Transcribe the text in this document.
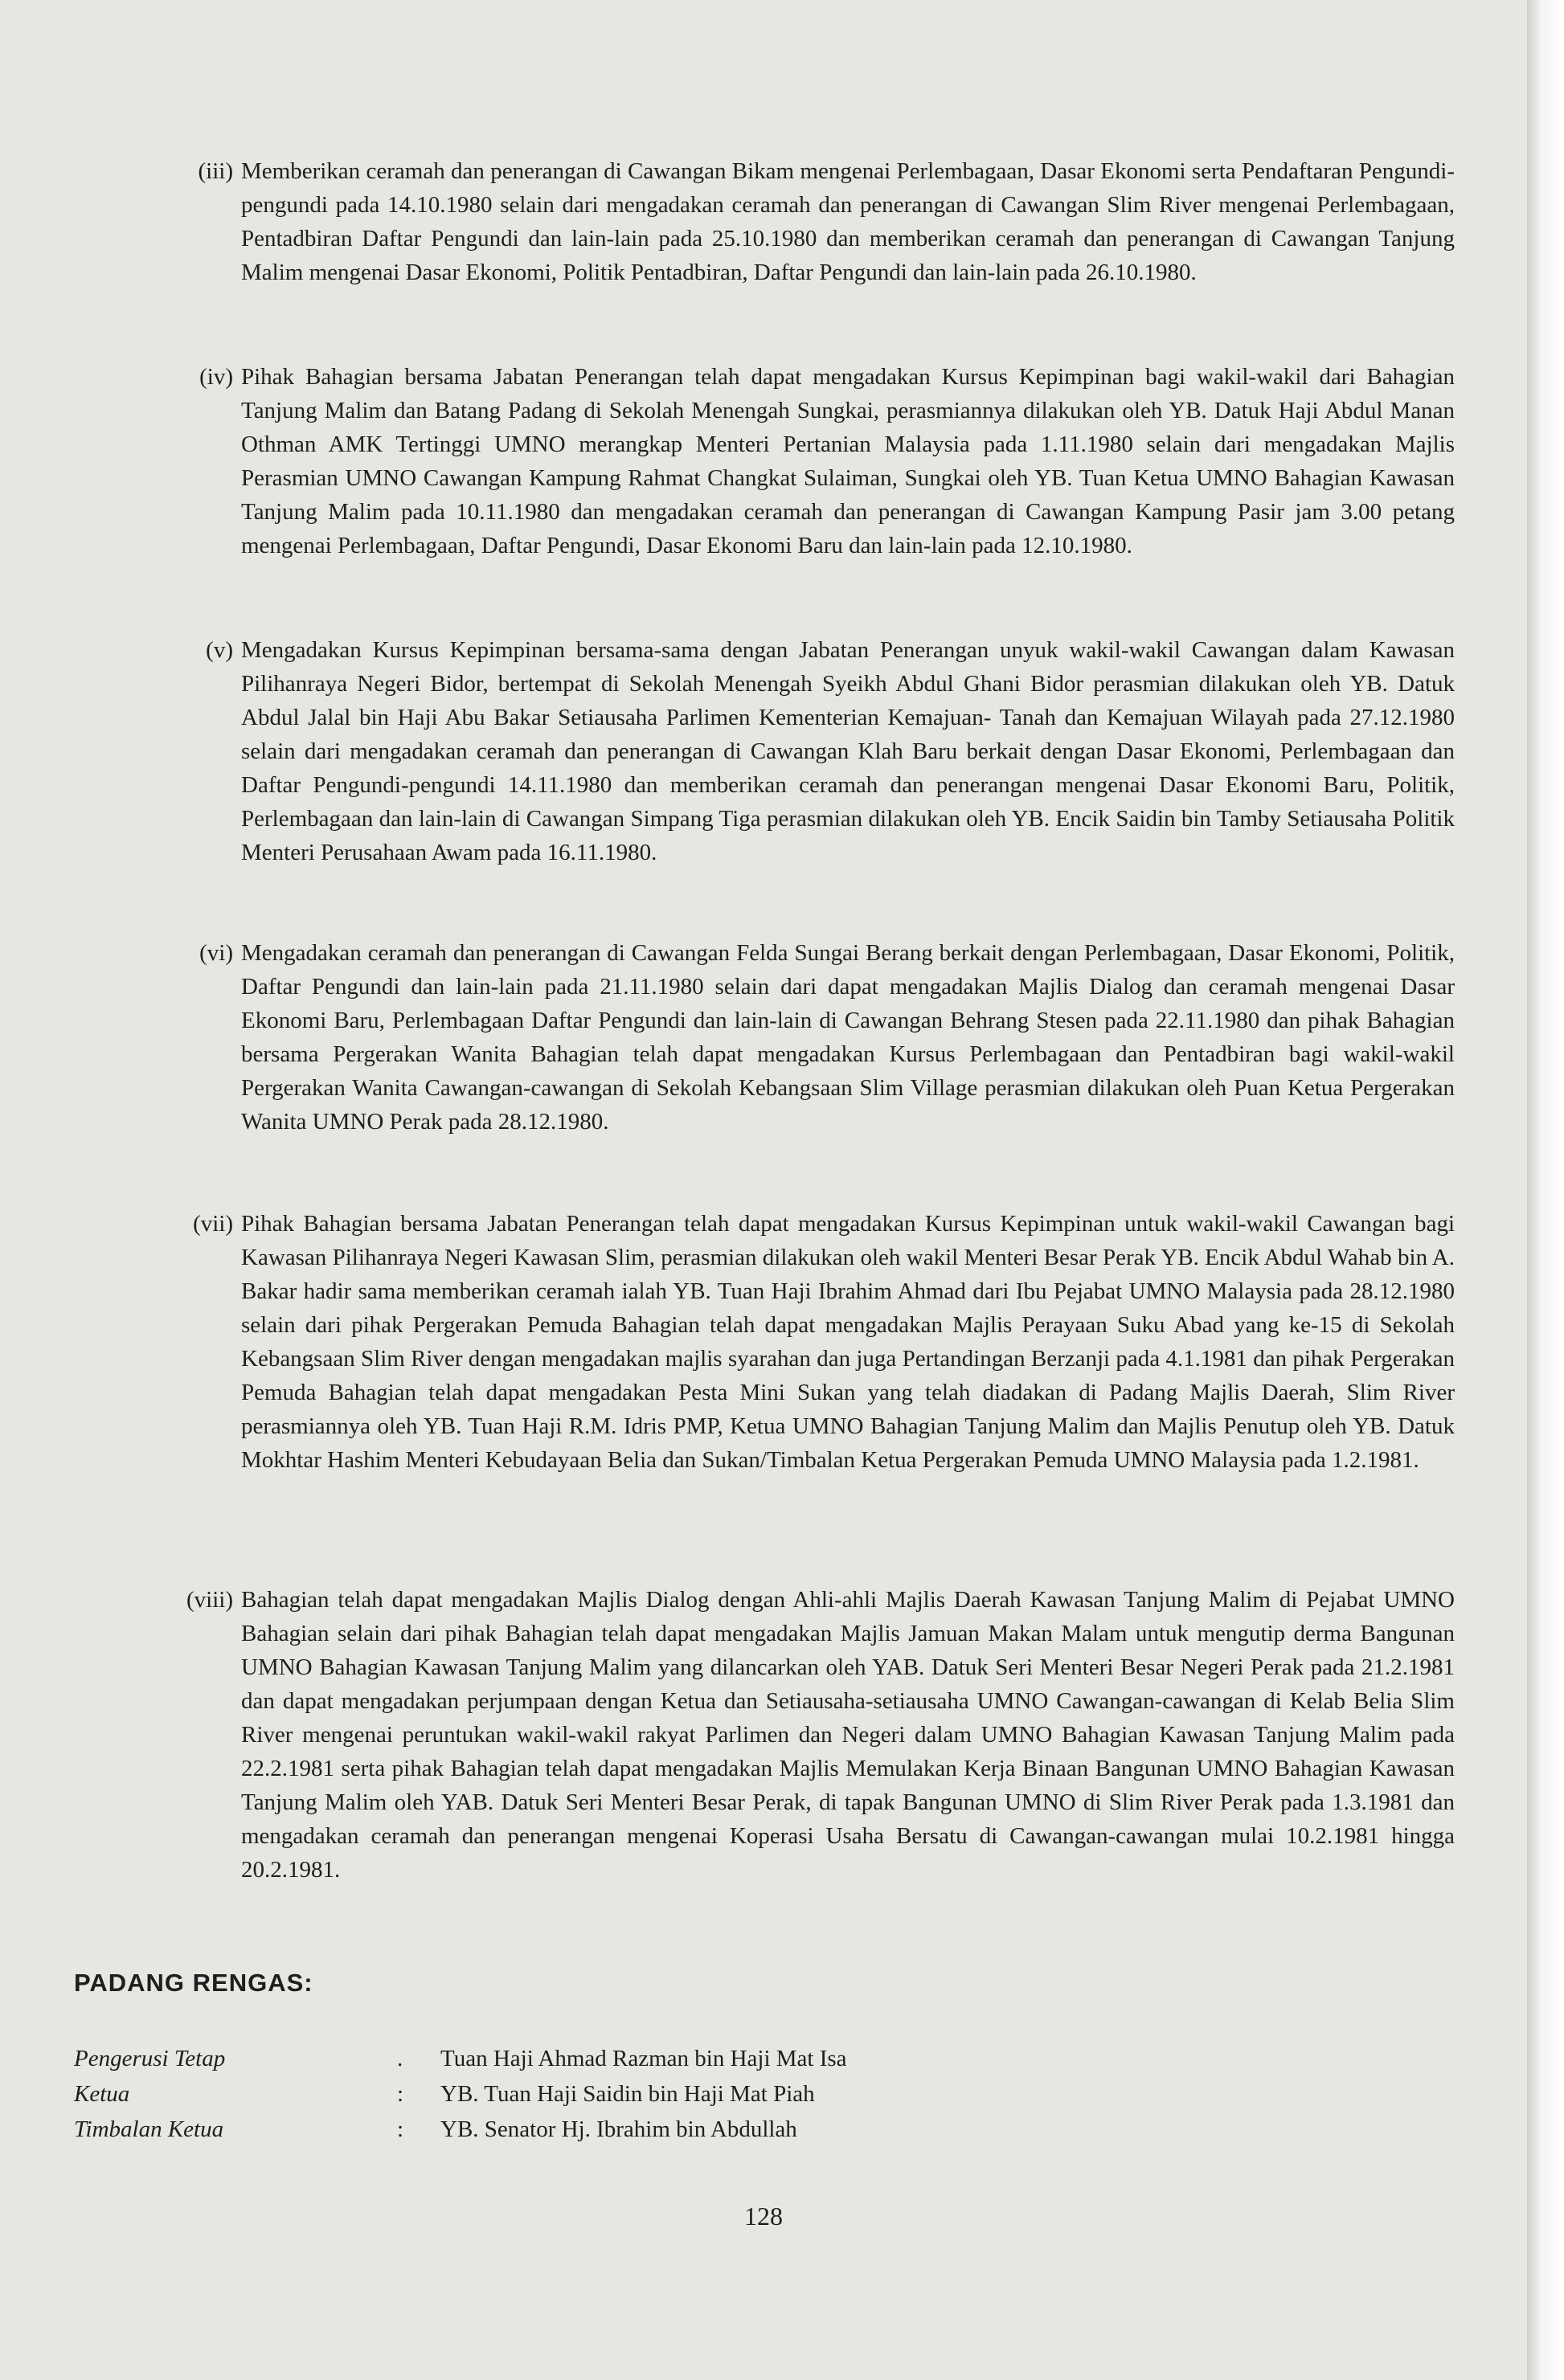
(iii) Memberikan ceramah dan penerangan di Cawangan Bikam mengenai Perlembagaan, Dasar Ekonomi serta Pendaftaran Pengundi-pengundi pada 14.10.1980 selain dari mengadakan ceramah dan penerangan di Cawangan Slim River mengenai Perlembagaan, Pentadbiran Daftar Pengundi dan lain-lain pada 25.10.1980 dan memberikan ceramah dan penerangan di Cawangan Tanjung Malim mengenai Dasar Ekonomi, Politik Pentadbiran, Daftar Pengundi dan lain-lain pada 26.10.1980.
(iv) Pihak Bahagian bersama Jabatan Penerangan telah dapat mengadakan Kursus Kepimpinan bagi wakil-wakil dari Bahagian Tanjung Malim dan Batang Padang di Sekolah Menengah Sungkai, perasmiannya dilakukan oleh YB. Datuk Haji Abdul Manan Othman AMK Tertinggi UMNO merangkap Menteri Pertanian Malaysia pada 1.11.1980 selain dari mengadakan Majlis Perasmian UMNO Cawangan Kampung Rahmat Changkat Sulaiman, Sungkai oleh YB. Tuan Ketua UMNO Bahagian Kawasan Tanjung Malim pada 10.11.1980 dan mengadakan ceramah dan penerangan di Cawangan Kampung Pasir jam 3.00 petang mengenai Perlembagaan, Daftar Pengundi, Dasar Ekonomi Baru dan lain-lain pada 12.10.1980.
(v) Mengadakan Kursus Kepimpinan bersama-sama dengan Jabatan Penerangan unyuk wakil-wakil Cawangan dalam Kawasan Pilihanraya Negeri Bidor, bertempat di Sekolah Menengah Syeikh Abdul Ghani Bidor perasmian dilakukan oleh YB. Datuk Abdul Jalal bin Haji Abu Bakar Setiausaha Parlimen Kementerian Kemajuan- Tanah dan Kemajuan Wilayah pada 27.12.1980 selain dari mengadakan ceramah dan penerangan di Cawangan Klah Baru berkait dengan Dasar Ekonomi, Perlembagaan dan Daftar Pengundi-pengundi 14.11.1980 dan memberikan ceramah dan penerangan mengenai Dasar Ekonomi Baru, Politik, Perlembagaan dan lain-lain di Cawangan Simpang Tiga perasmian dilakukan oleh YB. Encik Saidin bin Tamby Setiausaha Politik Menteri Perusahaan Awam pada 16.11.1980.
(vi) Mengadakan ceramah dan penerangan di Cawangan Felda Sungai Berang berkait dengan Perlembagaan, Dasar Ekonomi, Politik, Daftar Pengundi dan lain-lain pada 21.11.1980 selain dari dapat mengadakan Majlis Dialog dan ceramah mengenai Dasar Ekonomi Baru, Perlembagaan Daftar Pengundi dan lain-lain di Cawangan Behrang Stesen pada 22.11.1980 dan pihak Bahagian bersama Pergerakan Wanita Bahagian telah dapat mengadakan Kursus Perlembagaan dan Pentadbiran bagi wakil-wakil Pergerakan Wanita Cawangan-cawangan di Sekolah Kebangsaan Slim Village perasmian dilakukan oleh Puan Ketua Pergerakan Wanita UMNO Perak pada 28.12.1980.
(vii) Pihak Bahagian bersama Jabatan Penerangan telah dapat mengadakan Kursus Kepimpinan untuk wakil-wakil Cawangan bagi Kawasan Pilihanraya Negeri Kawasan Slim, perasmian dilakukan oleh wakil Menteri Besar Perak YB. Encik Abdul Wahab bin A. Bakar hadir sama memberikan ceramah ialah YB. Tuan Haji Ibrahim Ahmad dari Ibu Pejabat UMNO Malaysia pada 28.12.1980 selain dari pihak Pergerakan Pemuda Bahagian telah dapat mengadakan Majlis Perayaan Suku Abad yang ke-15 di Sekolah Kebangsaan Slim River dengan mengadakan majlis syarahan dan juga Pertandingan Berzanji pada 4.1.1981 dan pihak Pergerakan Pemuda Bahagian telah dapat mengadakan Pesta Mini Sukan yang telah diadakan di Padang Majlis Daerah, Slim River perasmiannya oleh YB. Tuan Haji R.M. Idris PMP, Ketua UMNO Bahagian Tanjung Malim dan Majlis Penutup oleh YB. Datuk Mokhtar Hashim Menteri Kebudayaan Belia dan Sukan/Timbalan Ketua Pergerakan Pemuda UMNO Malaysia pada 1.2.1981.
(viii) Bahagian telah dapat mengadakan Majlis Dialog dengan Ahli-ahli Majlis Daerah Kawasan Tanjung Malim di Pejabat UMNO Bahagian selain dari pihak Bahagian telah dapat mengadakan Majlis Jamuan Makan Malam untuk mengutip derma Bangunan UMNO Bahagian Kawasan Tanjung Malim yang dilancarkan oleh YAB. Datuk Seri Menteri Besar Negeri Perak pada 21.2.1981 dan dapat mengadakan perjumpaan dengan Ketua dan Setiausaha-setiausaha UMNO Cawangan-cawangan di Kelab Belia Slim River mengenai peruntukan wakil-wakil rakyat Parlimen dan Negeri dalam UMNO Bahagian Kawasan Tanjung Malim pada 22.2.1981 serta pihak Bahagian telah dapat mengadakan Majlis Memulakan Kerja Binaan Bangunan UMNO Bahagian Kawasan Tanjung Malim oleh YAB. Datuk Seri Menteri Besar Perak, di tapak Bangunan UMNO di Slim River Perak pada 1.3.1981 dan mengadakan ceramah dan penerangan mengenai Koperasi Usaha Bersatu di Cawangan-cawangan mulai 10.2.1981 hingga 20.2.1981.
PADANG RENGAS:
Pengerusi Tetap	. Tuan Haji Ahmad Razman bin Haji Mat Isa
Ketua	: YB. Tuan Haji Saidin bin Haji Mat Piah
Timbalan Ketua	: YB. Senator Hj. Ibrahim bin Abdullah
128
